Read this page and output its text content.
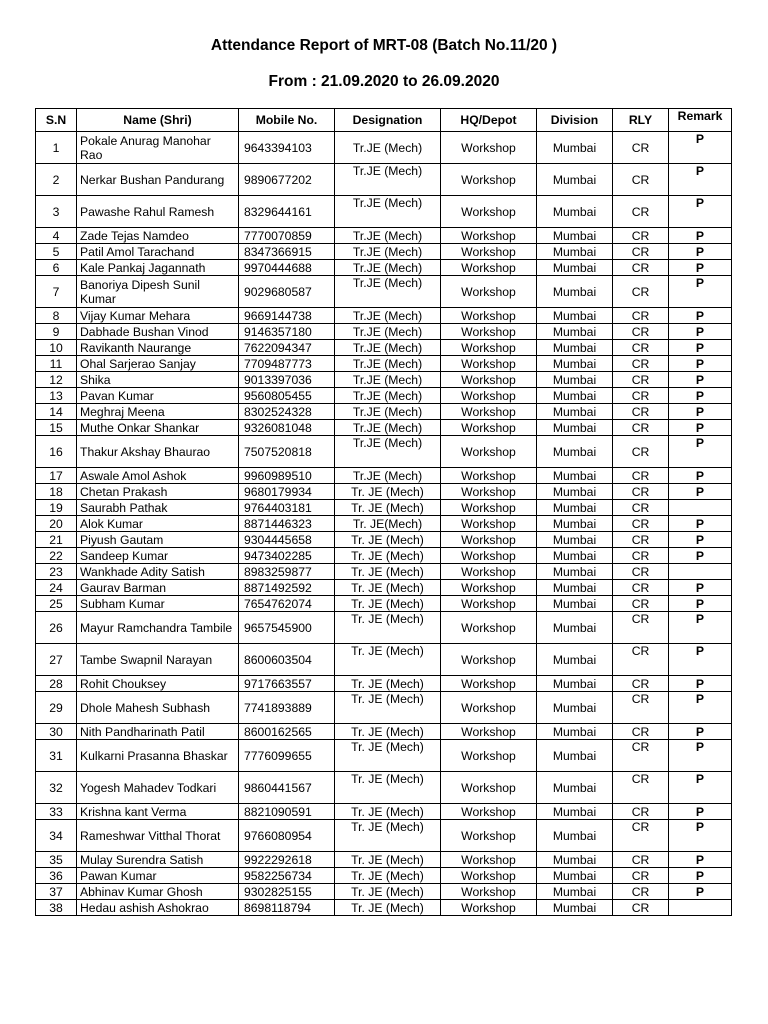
Attendance Report of MRT-08 (Batch No.11/20 )
From : 21.09.2020 to 26.09.2020
S.N	Name (Shri)	Mobile No.	Designation	HQ/Depot	Division	RLY	Remark
1	Pokale Anurag Manohar Rao	9643394103	Tr.JE (Mech)	Workshop	Mumbai	CR	P
2	Nerkar Bushan Pandurang	9890677202	Tr.JE (Mech)	Workshop	Mumbai	CR	P
3	Pawashe Rahul Ramesh	8329644161	Tr.JE (Mech)	Workshop	Mumbai	CR	P
4	Zade Tejas Namdeo	7770070859	Tr.JE (Mech)	Workshop	Mumbai	CR	P
5	Patil Amol Tarachand	8347366915	Tr.JE (Mech)	Workshop	Mumbai	CR	P
6	Kale Pankaj Jagannath	9970444688	Tr.JE (Mech)	Workshop	Mumbai	CR	P
7	Banoriya Dipesh Sunil Kumar	9029680587	Tr.JE (Mech)	Workshop	Mumbai	CR	P
8	Vijay Kumar Mehara	9669144738	Tr.JE (Mech)	Workshop	Mumbai	CR	P
9	Dabhade Bushan Vinod	9146357180	Tr.JE (Mech)	Workshop	Mumbai	CR	P
10	Ravikanth Naurange	7622094347	Tr.JE (Mech)	Workshop	Mumbai	CR	P
11	Ohal Sarjerao Sanjay	7709487773	Tr.JE (Mech)	Workshop	Mumbai	CR	P
12	Shika	9013397036	Tr.JE (Mech)	Workshop	Mumbai	CR	P
13	Pavan Kumar	9560805455	Tr.JE (Mech)	Workshop	Mumbai	CR	P
14	Meghraj Meena	8302524328	Tr.JE (Mech)	Workshop	Mumbai	CR	P
15	Muthe Onkar Shankar	9326081048	Tr.JE (Mech)	Workshop	Mumbai	CR	P
16	Thakur Akshay Bhaurao	7507520818	Tr.JE (Mech)	Workshop	Mumbai	CR	P
17	Aswale Amol Ashok	9960989510	Tr.JE (Mech)	Workshop	Mumbai	CR	P
18	Chetan Prakash	9680179934	Tr. JE (Mech)	Workshop	Mumbai	CR	P
19	Saurabh Pathak	9764403181	Tr. JE (Mech)	Workshop	Mumbai	CR	
20	Alok Kumar	8871446323	Tr. JE(Mech)	Workshop	Mumbai	CR	P
21	Piyush Gautam	9304445658	Tr. JE (Mech)	Workshop	Mumbai	CR	P
22	Sandeep Kumar	9473402285	Tr. JE (Mech)	Workshop	Mumbai	CR	P
23	Wankhade Adity Satish	8983259877	Tr. JE (Mech)	Workshop	Mumbai	CR	
24	Gaurav Barman	8871492592	Tr. JE (Mech)	Workshop	Mumbai	CR	P
25	Subham Kumar	7654762074	Tr. JE (Mech)	Workshop	Mumbai	CR	P
26	Mayur Ramchandra Tambile	9657545900	Tr. JE (Mech)	Workshop	Mumbai	CR	P
27	Tambe Swapnil Narayan	8600603504	Tr. JE (Mech)	Workshop	Mumbai	CR	P
28	Rohit Chouksey	9717663557	Tr. JE (Mech)	Workshop	Mumbai	CR	P
29	Dhole Mahesh Subhash	7741893889	Tr. JE (Mech)	Workshop	Mumbai	CR	P
30	Nith Pandharinath Patil	8600162565	Tr. JE (Mech)	Workshop	Mumbai	CR	P
31	Kulkarni Prasanna Bhaskar	7776099655	Tr. JE (Mech)	Workshop	Mumbai	CR	P
32	Yogesh Mahadev Todkari	9860441567	Tr. JE (Mech)	Workshop	Mumbai	CR	P
33	Krishna kant Verma	8821090591	Tr. JE (Mech)	Workshop	Mumbai	CR	P
34	Rameshwar Vitthal Thorat	9766080954	Tr. JE (Mech)	Workshop	Mumbai	CR	P
35	Mulay Surendra Satish	9922292618	Tr. JE (Mech)	Workshop	Mumbai	CR	P
36	Pawan Kumar	9582256734	Tr. JE (Mech)	Workshop	Mumbai	CR	P
37	Abhinav Kumar Ghosh	9302825155	Tr. JE (Mech)	Workshop	Mumbai	CR	P
38	Hedau ashish Ashokrao	8698118794	Tr. JE (Mech)	Workshop	Mumbai	CR	
